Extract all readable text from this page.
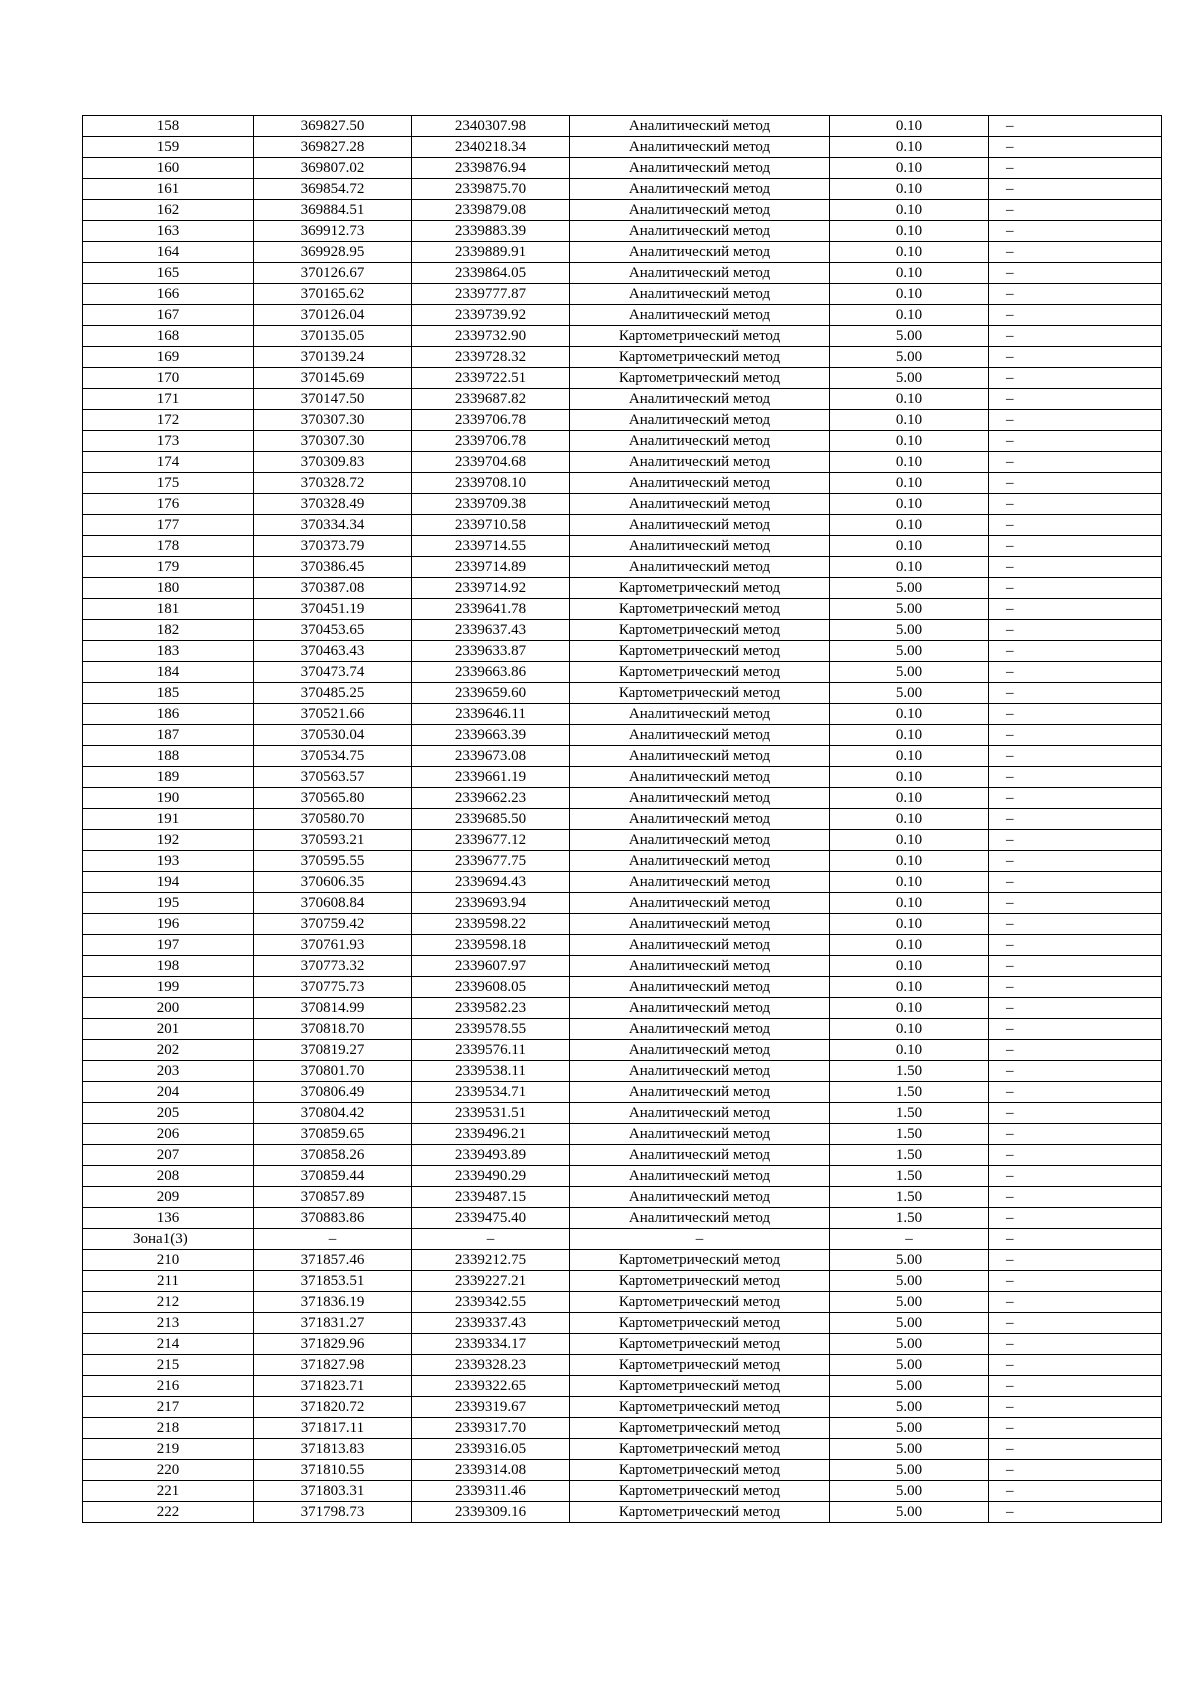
158	369827.50	2340307.98	Аналитический метод	0.10	–
159	369827.28	2340218.34	Аналитический метод	0.10	–
160	369807.02	2339876.94	Аналитический метод	0.10	–
161	369854.72	2339875.70	Аналитический метод	0.10	–
162	369884.51	2339879.08	Аналитический метод	0.10	–
163	369912.73	2339883.39	Аналитический метод	0.10	–
164	369928.95	2339889.91	Аналитический метод	0.10	–
165	370126.67	2339864.05	Аналитический метод	0.10	–
166	370165.62	2339777.87	Аналитический метод	0.10	–
167	370126.04	2339739.92	Аналитический метод	0.10	–
168	370135.05	2339732.90	Картометрический метод	5.00	–
169	370139.24	2339728.32	Картометрический метод	5.00	–
170	370145.69	2339722.51	Картометрический метод	5.00	–
171	370147.50	2339687.82	Аналитический метод	0.10	–
172	370307.30	2339706.78	Аналитический метод	0.10	–
173	370307.30	2339706.78	Аналитический метод	0.10	–
174	370309.83	2339704.68	Аналитический метод	0.10	–
175	370328.72	2339708.10	Аналитический метод	0.10	–
176	370328.49	2339709.38	Аналитический метод	0.10	–
177	370334.34	2339710.58	Аналитический метод	0.10	–
178	370373.79	2339714.55	Аналитический метод	0.10	–
179	370386.45	2339714.89	Аналитический метод	0.10	–
180	370387.08	2339714.92	Картометрический метод	5.00	–
181	370451.19	2339641.78	Картометрический метод	5.00	–
182	370453.65	2339637.43	Картометрический метод	5.00	–
183	370463.43	2339633.87	Картометрический метод	5.00	–
184	370473.74	2339663.86	Картометрический метод	5.00	–
185	370485.25	2339659.60	Картометрический метод	5.00	–
186	370521.66	2339646.11	Аналитический метод	0.10	–
187	370530.04	2339663.39	Аналитический метод	0.10	–
188	370534.75	2339673.08	Аналитический метод	0.10	–
189	370563.57	2339661.19	Аналитический метод	0.10	–
190	370565.80	2339662.23	Аналитический метод	0.10	–
191	370580.70	2339685.50	Аналитический метод	0.10	–
192	370593.21	2339677.12	Аналитический метод	0.10	–
193	370595.55	2339677.75	Аналитический метод	0.10	–
194	370606.35	2339694.43	Аналитический метод	0.10	–
195	370608.84	2339693.94	Аналитический метод	0.10	–
196	370759.42	2339598.22	Аналитический метод	0.10	–
197	370761.93	2339598.18	Аналитический метод	0.10	–
198	370773.32	2339607.97	Аналитический метод	0.10	–
199	370775.73	2339608.05	Аналитический метод	0.10	–
200	370814.99	2339582.23	Аналитический метод	0.10	–
201	370818.70	2339578.55	Аналитический метод	0.10	–
202	370819.27	2339576.11	Аналитический метод	0.10	–
203	370801.70	2339538.11	Аналитический метод	1.50	–
204	370806.49	2339534.71	Аналитический метод	1.50	–
205	370804.42	2339531.51	Аналитический метод	1.50	–
206	370859.65	2339496.21	Аналитический метод	1.50	–
207	370858.26	2339493.89	Аналитический метод	1.50	–
208	370859.44	2339490.29	Аналитический метод	1.50	–
209	370857.89	2339487.15	Аналитический метод	1.50	–
136	370883.86	2339475.40	Аналитический метод	1.50	–
Зона1(3)	–	–	–	–	–
210	371857.46	2339212.75	Картометрический метод	5.00	–
211	371853.51	2339227.21	Картометрический метод	5.00	–
212	371836.19	2339342.55	Картометрический метод	5.00	–
213	371831.27	2339337.43	Картометрический метод	5.00	–
214	371829.96	2339334.17	Картометрический метод	5.00	–
215	371827.98	2339328.23	Картометрический метод	5.00	–
216	371823.71	2339322.65	Картометрический метод	5.00	–
217	371820.72	2339319.67	Картометрический метод	5.00	–
218	371817.11	2339317.70	Картометрический метод	5.00	–
219	371813.83	2339316.05	Картометрический метод	5.00	–
220	371810.55	2339314.08	Картометрический метод	5.00	–
221	371803.31	2339311.46	Картометрический метод	5.00	–
222	371798.73	2339309.16	Картометрический метод	5.00	–
